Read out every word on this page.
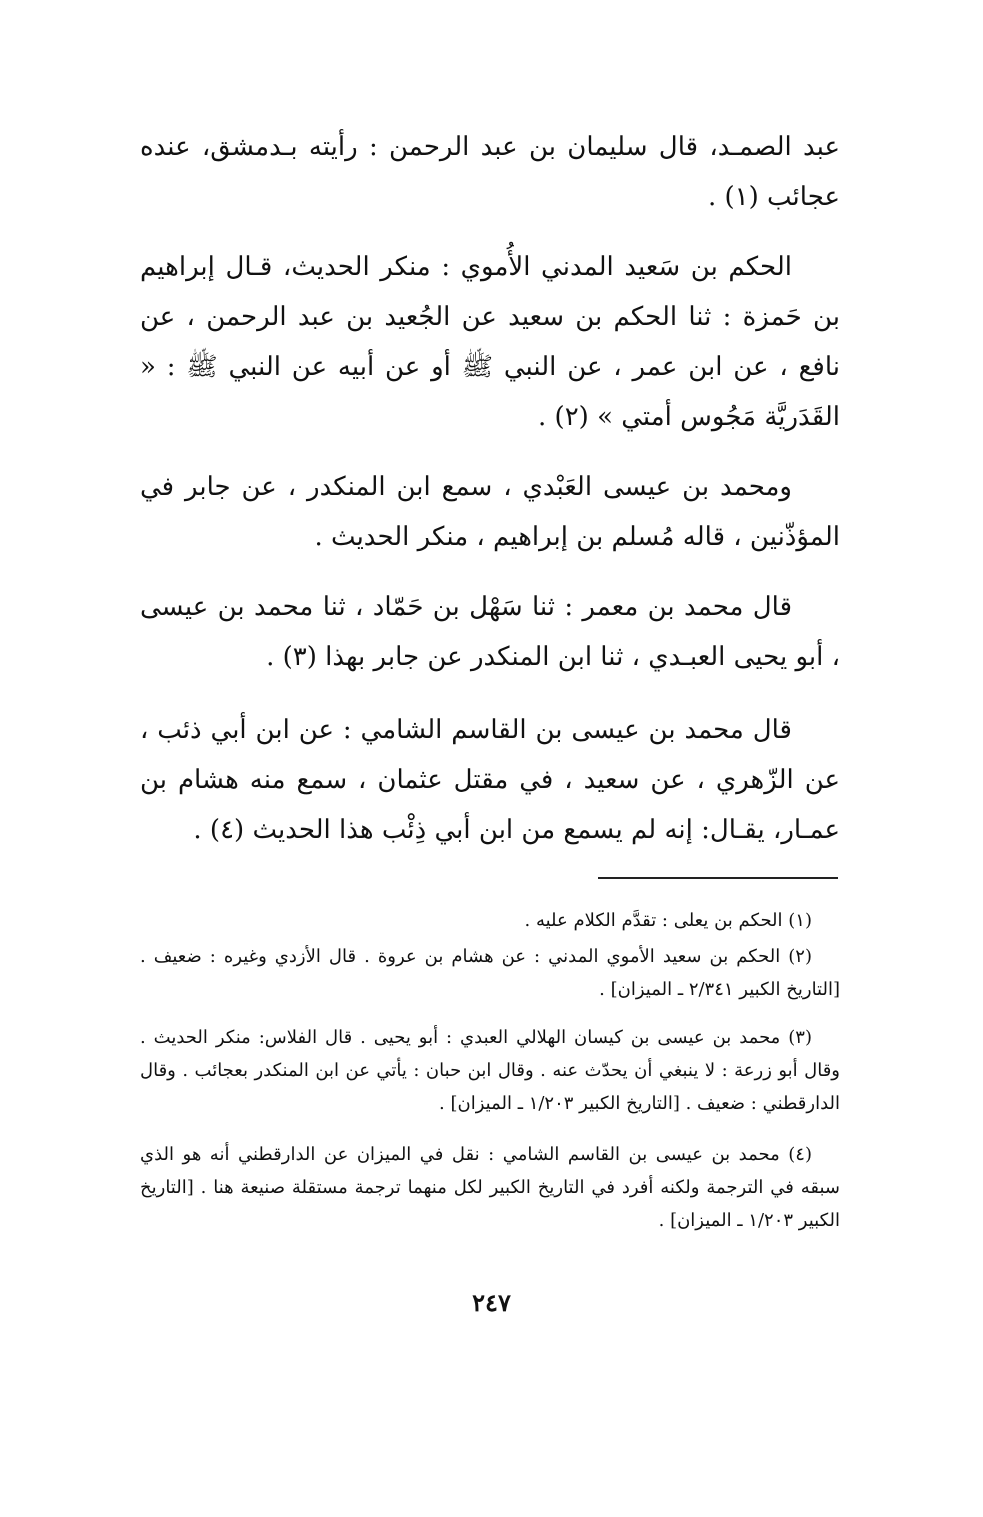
عبد الصمـد، قال سليمان بن عبد الرحمن : رأيته بـدمشق، عنده عجائب (١) .

الحكم بن سَعيد المدني الأُموي : منكر الحديث، قـال إبراهيم بن حَمزة : ثنا الحكم بن سعيد عن الجُعيد بن عبد الرحمن ، عن نافع ، عن ابن عمر ، عن النبي ﷺ أو عن أبيه عن النبي ﷺ : « القَدَريَّة مَجُوس أمتي » (٢) .

ومحمد بن عيسى العَبْدي ، سمع ابن المنكدر ، عن جابر في المؤذّنين ، قاله مُسلم بن إبراهيم ، منكر الحديث .

قال محمد بن معمر : ثنا سَهْل بن حَمّاد ، ثنا محمد بن عيسى ، أبو يحيى العبـدي ، ثنا ابن المنكدر عن جابر بهذا (٣) .

قال محمد بن عيسى بن القاسم الشامي : عن ابن أبي ذئب ، عن الزّهري ، عن سعيد ، في مقتل عثمان ، سمع منه هشام بن عمـار، يقـال: إنه لم يسمع من ابن أبي ذِئْب هذا الحديث (٤) .

(١) الحكم بن يعلى : تقدَّم الكلام عليه .

(٢) الحكم بن سعيد الأموي المدني : عن هشام بن عروة . قال الأزدي وغيره : ضعيف . [التاريخ الكبير ٢/٣٤١ ـ الميزان] .

(٣) محمد بن عيسى بن كيسان الهلالي العبدي : أبو يحيى . قال الفلاس: منكر الحديث . وقال أبو زرعة : لا ينبغي أن يحدّث عنه . وقال ابن حبان : يأتي عن ابن المنكدر بعجائب . وقال الدارقطني : ضعيف . [التاريخ الكبير ١/٢٠٣ ـ الميزان] .

(٤) محمد بن عيسى بن القاسم الشامي : نقل في الميزان عن الدارقطني أنه هو الذي سبقه في الترجمة ولكنه أفرد في التاريخ الكبير لكل منهما ترجمة مستقلة صنيعة هنا . [التاريخ الكبير ١/٢٠٣ ـ الميزان] .

٢٤٧
